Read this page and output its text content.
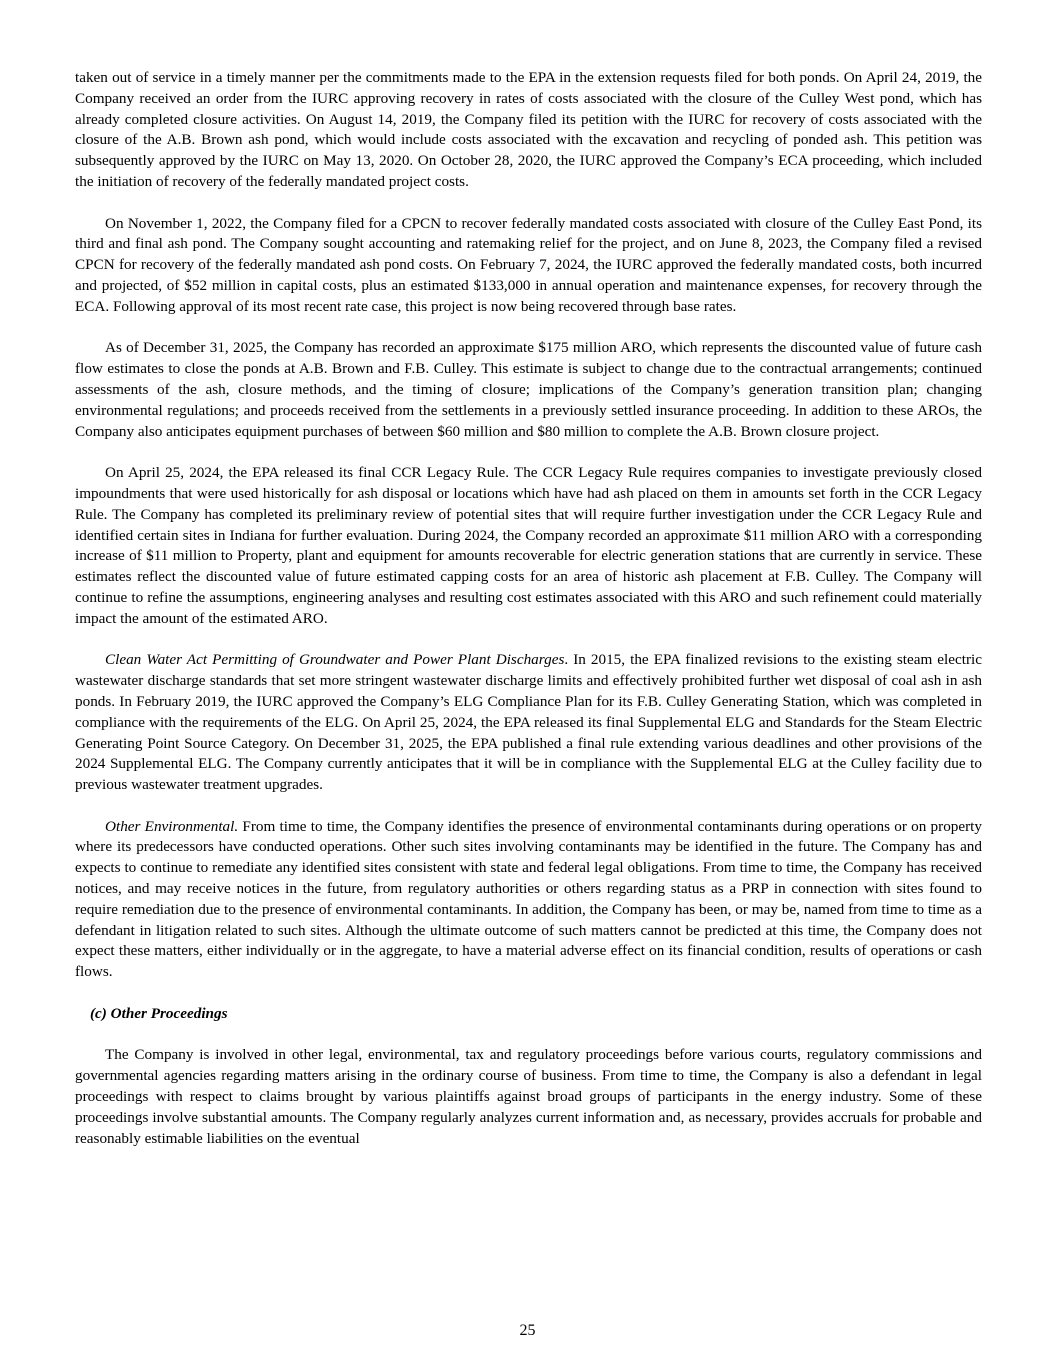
taken out of service in a timely manner per the commitments made to the EPA in the extension requests filed for both ponds. On April 24, 2019, the Company received an order from the IURC approving recovery in rates of costs associated with the closure of the Culley West pond, which has already completed closure activities. On August 14, 2019, the Company filed its petition with the IURC for recovery of costs associated with the closure of the A.B. Brown ash pond, which would include costs associated with the excavation and recycling of ponded ash. This petition was subsequently approved by the IURC on May 13, 2020. On October 28, 2020, the IURC approved the Company’s ECA proceeding, which included the initiation of recovery of the federally mandated project costs.

On November 1, 2022, the Company filed for a CPCN to recover federally mandated costs associated with closure of the Culley East Pond, its third and final ash pond. The Company sought accounting and ratemaking relief for the project, and on June 8, 2023, the Company filed a revised CPCN for recovery of the federally mandated ash pond costs. On February 7, 2024, the IURC approved the federally mandated costs, both incurred and projected, of $52 million in capital costs, plus an estimated $133,000 in annual operation and maintenance expenses, for recovery through the ECA. Following approval of its most recent rate case, this project is now being recovered through base rates.

As of December 31, 2025, the Company has recorded an approximate $175 million ARO, which represents the discounted value of future cash flow estimates to close the ponds at A.B. Brown and F.B. Culley. This estimate is subject to change due to the contractual arrangements; continued assessments of the ash, closure methods, and the timing of closure; implications of the Company’s generation transition plan; changing environmental regulations; and proceeds received from the settlements in a previously settled insurance proceeding. In addition to these AROs, the Company also anticipates equipment purchases of between $60 million and $80 million to complete the A.B. Brown closure project.

On April 25, 2024, the EPA released its final CCR Legacy Rule. The CCR Legacy Rule requires companies to investigate previously closed impoundments that were used historically for ash disposal or locations which have had ash placed on them in amounts set forth in the CCR Legacy Rule. The Company has completed its preliminary review of potential sites that will require further investigation under the CCR Legacy Rule and identified certain sites in Indiana for further evaluation. During 2024, the Company recorded an approximate $11 million ARO with a corresponding increase of $11 million to Property, plant and equipment for amounts recoverable for electric generation stations that are currently in service. These estimates reflect the discounted value of future estimated capping costs for an area of historic ash placement at F.B. Culley. The Company will continue to refine the assumptions, engineering analyses and resulting cost estimates associated with this ARO and such refinement could materially impact the amount of the estimated ARO.

Clean Water Act Permitting of Groundwater and Power Plant Discharges. In 2015, the EPA finalized revisions to the existing steam electric wastewater discharge standards that set more stringent wastewater discharge limits and effectively prohibited further wet disposal of coal ash in ash ponds. In February 2019, the IURC approved the Company’s ELG Compliance Plan for its F.B. Culley Generating Station, which was completed in compliance with the requirements of the ELG. On April 25, 2024, the EPA released its final Supplemental ELG and Standards for the Steam Electric Generating Point Source Category. On December 31, 2025, the EPA published a final rule extending various deadlines and other provisions of the 2024 Supplemental ELG. The Company currently anticipates that it will be in compliance with the Supplemental ELG at the Culley facility due to previous wastewater treatment upgrades.

Other Environmental. From time to time, the Company identifies the presence of environmental contaminants during operations or on property where its predecessors have conducted operations. Other such sites involving contaminants may be identified in the future. The Company has and expects to continue to remediate any identified sites consistent with state and federal legal obligations. From time to time, the Company has received notices, and may receive notices in the future, from regulatory authorities or others regarding status as a PRP in connection with sites found to require remediation due to the presence of environmental contaminants. In addition, the Company has been, or may be, named from time to time as a defendant in litigation related to such sites. Although the ultimate outcome of such matters cannot be predicted at this time, the Company does not expect these matters, either individually or in the aggregate, to have a material adverse effect on its financial condition, results of operations or cash flows.

(c) Other Proceedings

The Company is involved in other legal, environmental, tax and regulatory proceedings before various courts, regulatory commissions and governmental agencies regarding matters arising in the ordinary course of business. From time to time, the Company is also a defendant in legal proceedings with respect to claims brought by various plaintiffs against broad groups of participants in the energy industry. Some of these proceedings involve substantial amounts. The Company regularly analyzes current information and, as necessary, provides accruals for probable and reasonably estimable liabilities on the eventual

25
